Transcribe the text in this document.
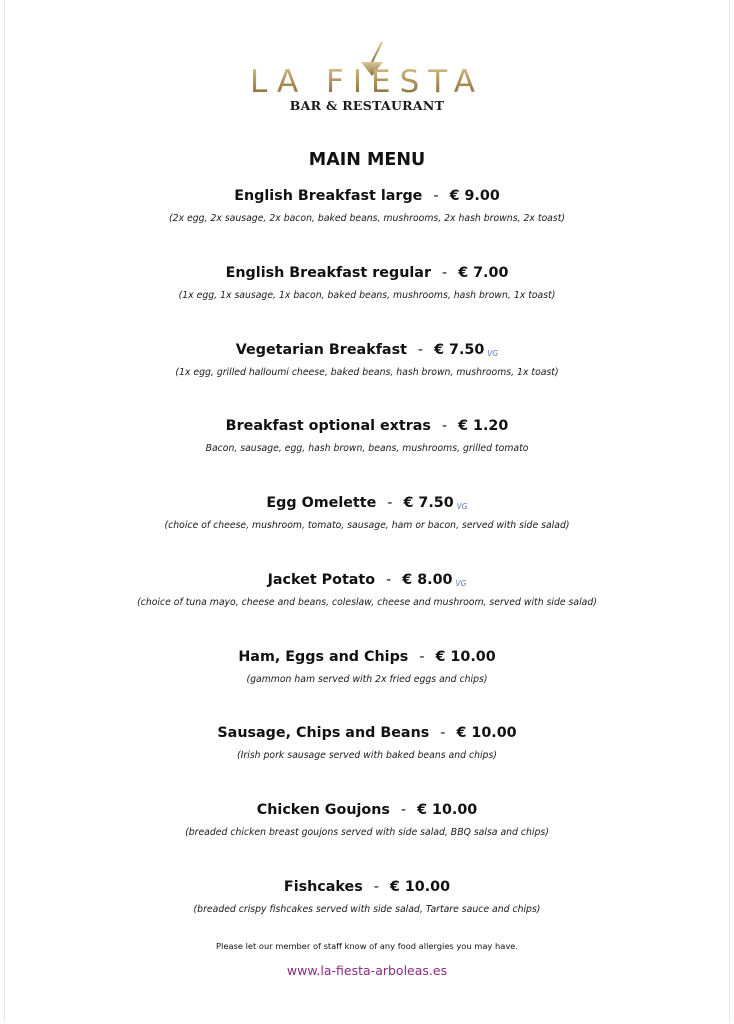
LA FIESTA
BAR & RESTAURANT
MAIN MENU
English Breakfast large - € 9.00
(2x egg, 2x sausage, 2x bacon, baked beans, mushrooms, 2x hash browns, 2x toast)
English Breakfast regular - € 7.00
(1x egg, 1x sausage, 1x bacon, baked beans, mushrooms, hash brown, 1x toast)
Vegetarian Breakfast - € 7.50 VG
(1x egg, grilled halloumi cheese, baked beans, hash brown, mushrooms, 1x toast)
Breakfast optional extras - € 1.20
Bacon, sausage, egg, hash brown, beans, mushrooms, grilled tomato
Egg Omelette - € 7.50 VG
(choice of cheese, mushroom, tomato, sausage, ham or bacon, served with side salad)
Jacket Potato - € 8.00 VG
(choice of tuna mayo, cheese and beans, coleslaw, cheese and mushroom, served with side salad)
Ham, Eggs and Chips - € 10.00
(gammon ham served with 2x fried eggs and chips)
Sausage, Chips and Beans - € 10.00
(Irish pork sausage served with baked beans and chips)
Chicken Goujons - € 10.00
(breaded chicken breast goujons served with side salad, BBQ salsa and chips)
Fishcakes - € 10.00
(breaded crispy fishcakes served with side salad, Tartare sauce and chips)
Please let our member of staff know of any food allergies you may have.
www.la-fiesta-arboleas.es
